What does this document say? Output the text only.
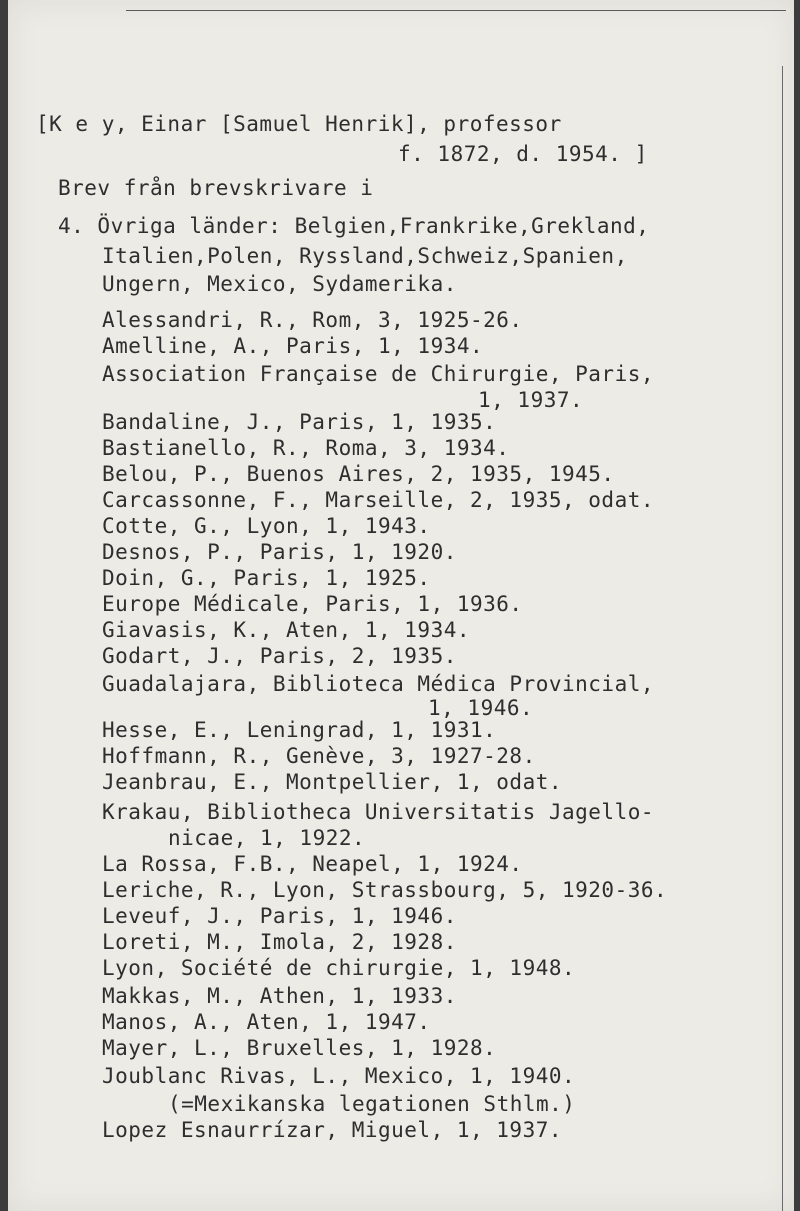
[K e y, Einar [Samuel Henrik], professor
f. 1872, d. 1954. ]
Brev från brevskrivare i
4. Övriga länder: Belgien,Frankrike,Grekland,
Italien,Polen, Ryssland,Schweiz,Spanien,
Ungern, Mexico, Sydamerika.
Alessandri, R., Rom, 3, 1925-26.
Amelline, A., Paris, 1, 1934.
Association Française de Chirurgie, Paris,
1, 1937.
Bandaline, J., Paris, 1, 1935.
Bastianello, R., Roma, 3, 1934.
Belou, P., Buenos Aires, 2, 1935, 1945.
Carcassonne, F., Marseille, 2, 1935, odat.
Cotte, G., Lyon, 1, 1943.
Desnos, P., Paris, 1, 1920.
Doin, G., Paris, 1, 1925.
Europe Médicale, Paris, 1, 1936.
Giavasis, K., Aten, 1, 1934.
Godart, J., Paris, 2, 1935.
Guadalajara, Biblioteca Médica Provincial,
1, 1946.
Hesse, E., Leningrad, 1, 1931.
Hoffmann, R., Genève, 3, 1927-28.
Jeanbrau, E., Montpellier, 1, odat.
Krakau, Bibliotheca Universitatis Jagello-
nicae, 1, 1922.
La Rossa, F.B., Neapel, 1, 1924.
Leriche, R., Lyon, Strassbourg, 5, 1920-36.
Leveuf, J., Paris, 1, 1946.
Loreti, M., Imola, 2, 1928.
Lyon, Société de chirurgie, 1, 1948.
Makkas, M., Athen, 1, 1933.
Manos, A., Aten, 1, 1947.
Mayer, L., Bruxelles, 1, 1928.
Joublanc Rivas, L., Mexico, 1, 1940.
(=Mexikanska legationen Sthlm.)
Lopez Esnaurrízar, Miguel, 1, 1937.
